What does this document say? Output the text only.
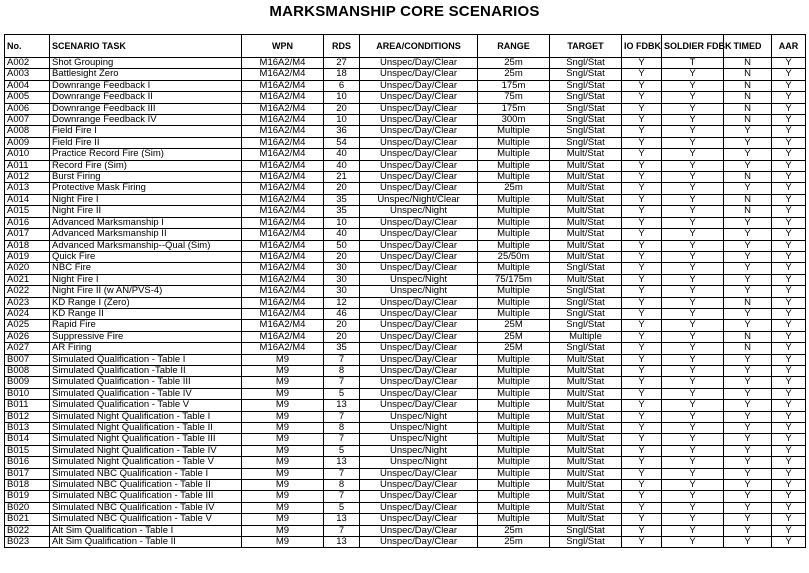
MARKSMANSHIP CORE SCENARIOS
No.	SCENARIO TASK	WPN	RDS	AREA/CONDITIONS	RANGE	TARGET	IO FDBK	SOLDIER FDBK	TIMED	AAR
A002	Shot Grouping	M16A2/M4	27	Unspec/Day/Clear	25m	Sngl/Stat	Y	T	N	Y
A003	Battlesight Zero	M16A2/M4	18	Unspec/Day/Clear	25m	Sngl/Stat	Y	Y	N	Y
A004	Downrange Feedback I	M16A2/M4	6	Unspec/Day/Clear	175m	Sngl/Stat	Y	Y	N	Y
A005	Downrange Feedback II	M16A2/M4	10	Unspec/Day/Clear	75m	Sngl/Stat	Y	Y	N	Y
A006	Downrange Feedback III	M16A2/M4	20	Unspec/Day/Clear	175m	Sngl/Stat	Y	Y	N	Y
A007	Downrange Feedback IV	M16A2/M4	10	Unspec/Day/Clear	300m	Sngl/Stat	Y	Y	N	Y
A008	Field Fire I	M16A2/M4	36	Unspec/Day/Clear	Multiple	Sngl/Stat	Y	Y	Y	Y
A009	Field Fire II	M16A2/M4	54	Unspec/Day/Clear	Multiple	Sngl/Stat	Y	Y	Y	Y
A010	Practice Record Fire (Sim)	M16A2/M4	40	Unspec/Day/Clear	Multiple	Mult/Stat	Y	Y	Y	Y
A011	Record Fire (Sim)	M16A2/M4	40	Unspec/Day/Clear	Multiple	Mult/Stat	Y	Y	Y	Y
A012	Burst Firing	M16A2/M4	21	Unspec/Day/Clear	Multiple	Mult/Stat	Y	Y	N	Y
A013	Protective Mask Firing	M16A2/M4	20	Unspec/Day/Clear	25m	Mult/Stat	Y	Y	Y	Y
A014	Night Fire I	M16A2/M4	35	Unspec/Night/Clear	Multiple	Mult/Stat	Y	Y	N	Y
A015	Night Fire II	M16A2/M4	35	Unspec/Night	Multiple	Mult/Stat	Y	Y	N	Y
A016	Advanced Marksmanship I	M16A2/M4	10	Unspec/Day/Clear	Multiple	Mult/Stat	Y	Y	Y	Y
A017	Advanced Marksmanship II	M16A2/M4	40	Unspec/Day/Clear	Multiple	Mult/Stat	Y	Y	Y	Y
A018	Advanced Marksmanship--Qual (Sim)	M16A2/M4	50	Unspec/Day/Clear	Multiple	Mult/Stat	Y	Y	Y	Y
A019	Quick Fire	M16A2/M4	20	Unspec/Day/Clear	25/50m	Mult/Stat	Y	Y	Y	Y
A020	NBC Fire	M16A2/M4	30	Unspec/Day/Clear	Multiple	Sngl/Stat	Y	Y	Y	Y
A021	Night Fire I	M16A2/M4	30	Unspec/Night	75/175m	Mult/Stat	Y	Y	Y	Y
A022	Night Fire II (w AN/PVS-4)	M16A2/M4	30	Unspec/Night	Multiple	Sngl/Stat	Y	Y	Y	Y
A023	KD Range I (Zero)	M16A2/M4	12	Unspec/Day/Clear	Multiple	Sngl/Stat	Y	Y	N	Y
A024	KD Range II	M16A2/M4	46	Unspec/Day/Clear	Multiple	Sngl/Stat	Y	Y	Y	Y
A025	Rapid Fire	M16A2/M4	20	Unspec/Day/Clear	25M	Sngl/Stat	Y	Y	Y	Y
A026	Suppressive Fire	M16A2/M4	20	Unspec/Day/Clear	25M	Multiple	Y	Y	N	Y
A027	AR Firing	M16A2/M4	35	Unspec/Day/Clear	25M	Sngl/Stat	Y	Y	N	Y
B007	Simulated Qualification - Table I	M9	7	Unspec/Day/Clear	Multiple	Mult/Stat	Y	Y	Y	Y
B008	Simulated Qualification -Table II	M9	8	Unspec/Day/Clear	Multiple	Mult/Stat	Y	Y	Y	Y
B009	Simulated Qualification - Table III	M9	7	Unspec/Day/Clear	Multiple	Mult/Stat	Y	Y	Y	Y
B010	Simulated Qualification - Table IV	M9	5	Unspec/Day/Clear	Multiple	Mult/Stat	Y	Y	Y	Y
B011	Simulated Qualification - Table V	M9	13	Unspec/Day/Clear	Multiple	Mult/Stat	Y	Y	Y	Y
B012	Simulated Night Qualification - Table I	M9	7	Unspec/Night	Multiple	Mult/Stat	Y	Y	Y	Y
B013	Simulated Night Qualification - Table II	M9	8	Unspec/Night	Multiple	Mult/Stat	Y	Y	Y	Y
B014	Simulated Night Qualification - Table III	M9	7	Unspec/Night	Multiple	Mult/Stat	Y	Y	Y	Y
B015	Simulated Night Qualification - Table IV	M9	5	Unspec/Night	Multiple	Mult/Stat	Y	Y	Y	Y
B016	Simulated Night Qualification - Table V	M9	13	Unspec/Night	Multiple	Mult/Stat	Y	Y	Y	Y
B017	Simulated NBC Qualification - Table I	M9	7	Unspec/Day/Clear	Multiple	Mult/Stat	Y	Y	Y	Y
B018	Simulated NBC Qualification - Table II	M9	8	Unspec/Day/Clear	Multiple	Mult/Stat	Y	Y	Y	Y
B019	Simulated NBC Qualification - Table III	M9	7	Unspec/Day/Clear	Multiple	Mult/Stat	Y	Y	Y	Y
B020	Simulated NBC Qualification - Table IV	M9	5	Unspec/Day/Clear	Multiple	Mult/Stat	Y	Y	Y	Y
B021	Simulated NBC Qualification - Table V	M9	13	Unspec/Day/Clear	Multiple	Mult/Stat	Y	Y	Y	Y
B022	Alt Sim Qualification - Table I	M9	7	Unspec/Day/Clear	25m	Sngl/Stat	Y	Y	Y	Y
B023	Alt Sim Qualification - Table II	M9	13	Unspec/Day/Clear	25m	Sngl/Stat	Y	Y	Y	Y
